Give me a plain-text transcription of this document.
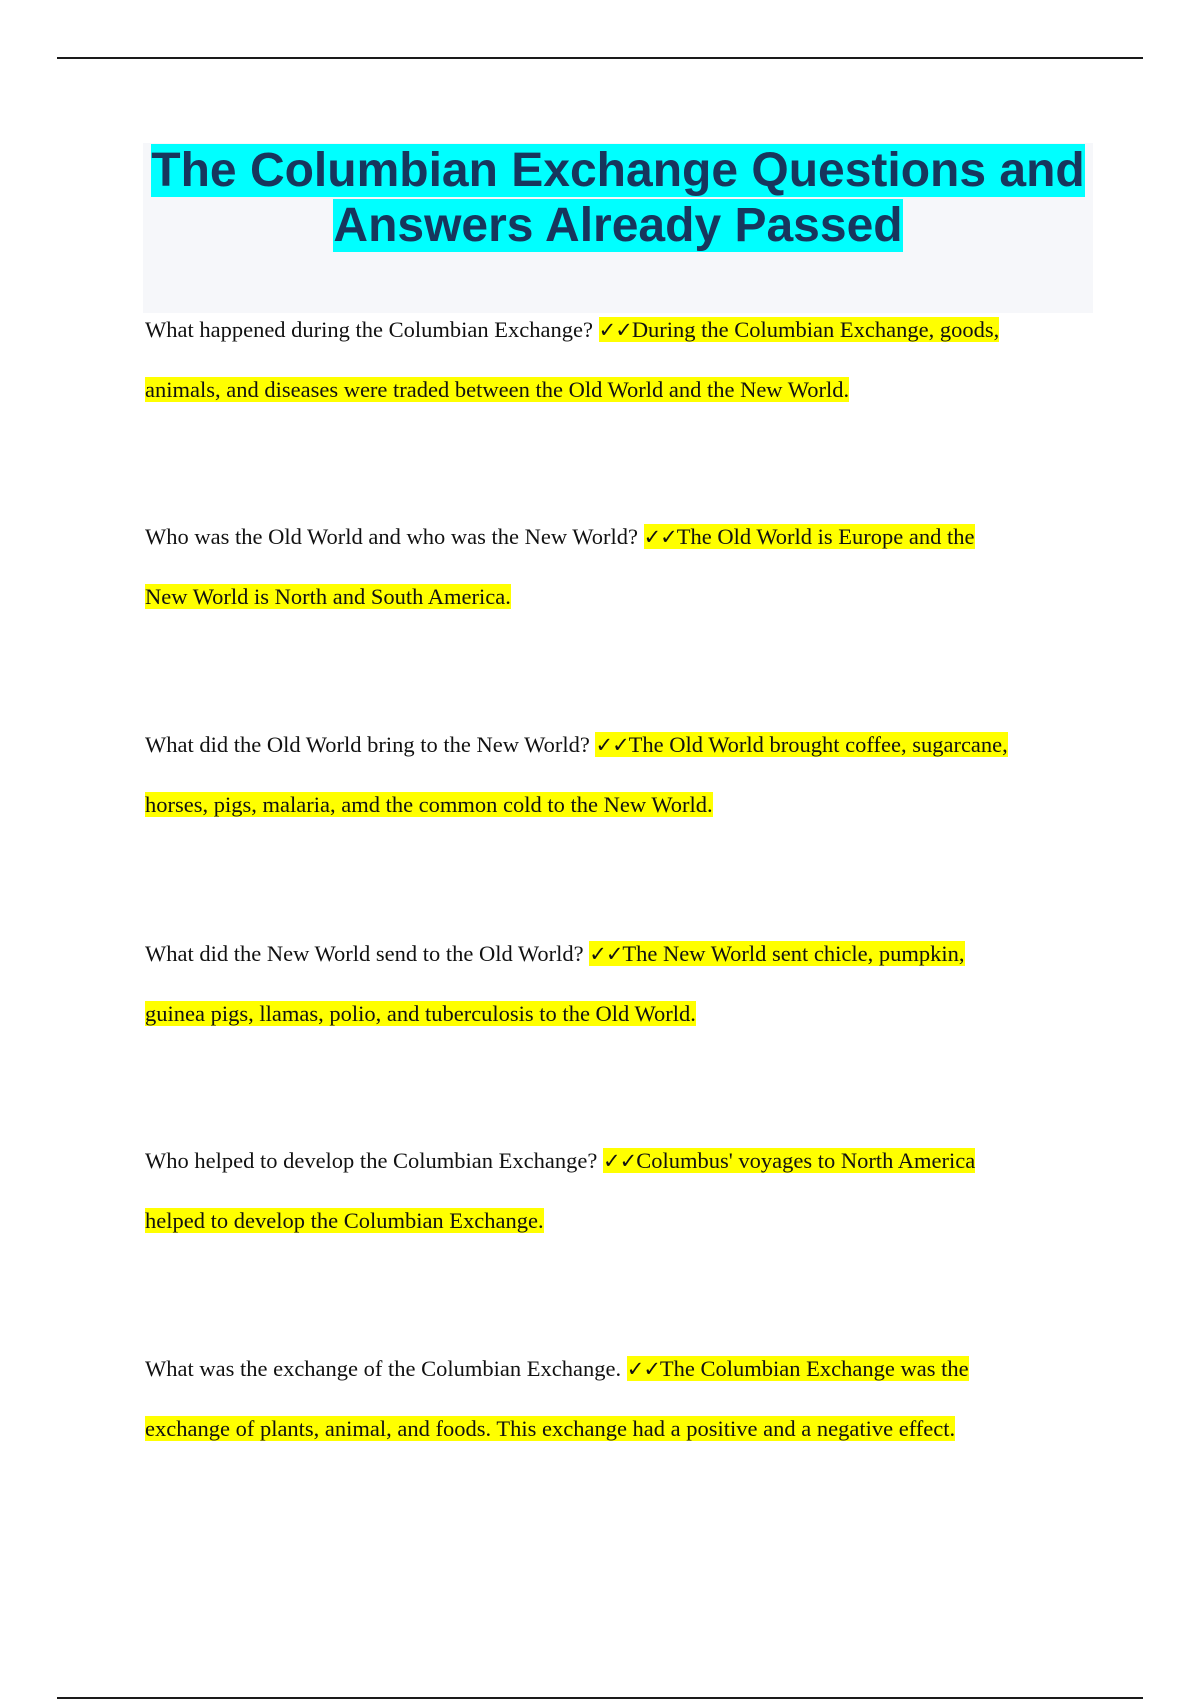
The Columbian Exchange Questions and
Answers Already Passed

What happened during the Columbian Exchange? ✓✓During the Columbian Exchange, goods,
animals, and diseases were traded between the Old World and the New World.

Who was the Old World and who was the New World? ✓✓The Old World is Europe and the
New World is North and South America.

What did the Old World bring to the New World? ✓✓The Old World brought coffee, sugarcane,
horses, pigs, malaria, amd the common cold to the New World.

What did the New World send to the Old World? ✓✓The New World sent chicle, pumpkin,
guinea pigs, llamas, polio, and tuberculosis to the Old World.

Who helped to develop the Columbian Exchange? ✓✓Columbus' voyages to North America
helped to develop the Columbian Exchange.

What was the exchange of the Columbian Exchange. ✓✓The Columbian Exchange was the
exchange of plants, animal, and foods. This exchange had a positive and a negative effect.
